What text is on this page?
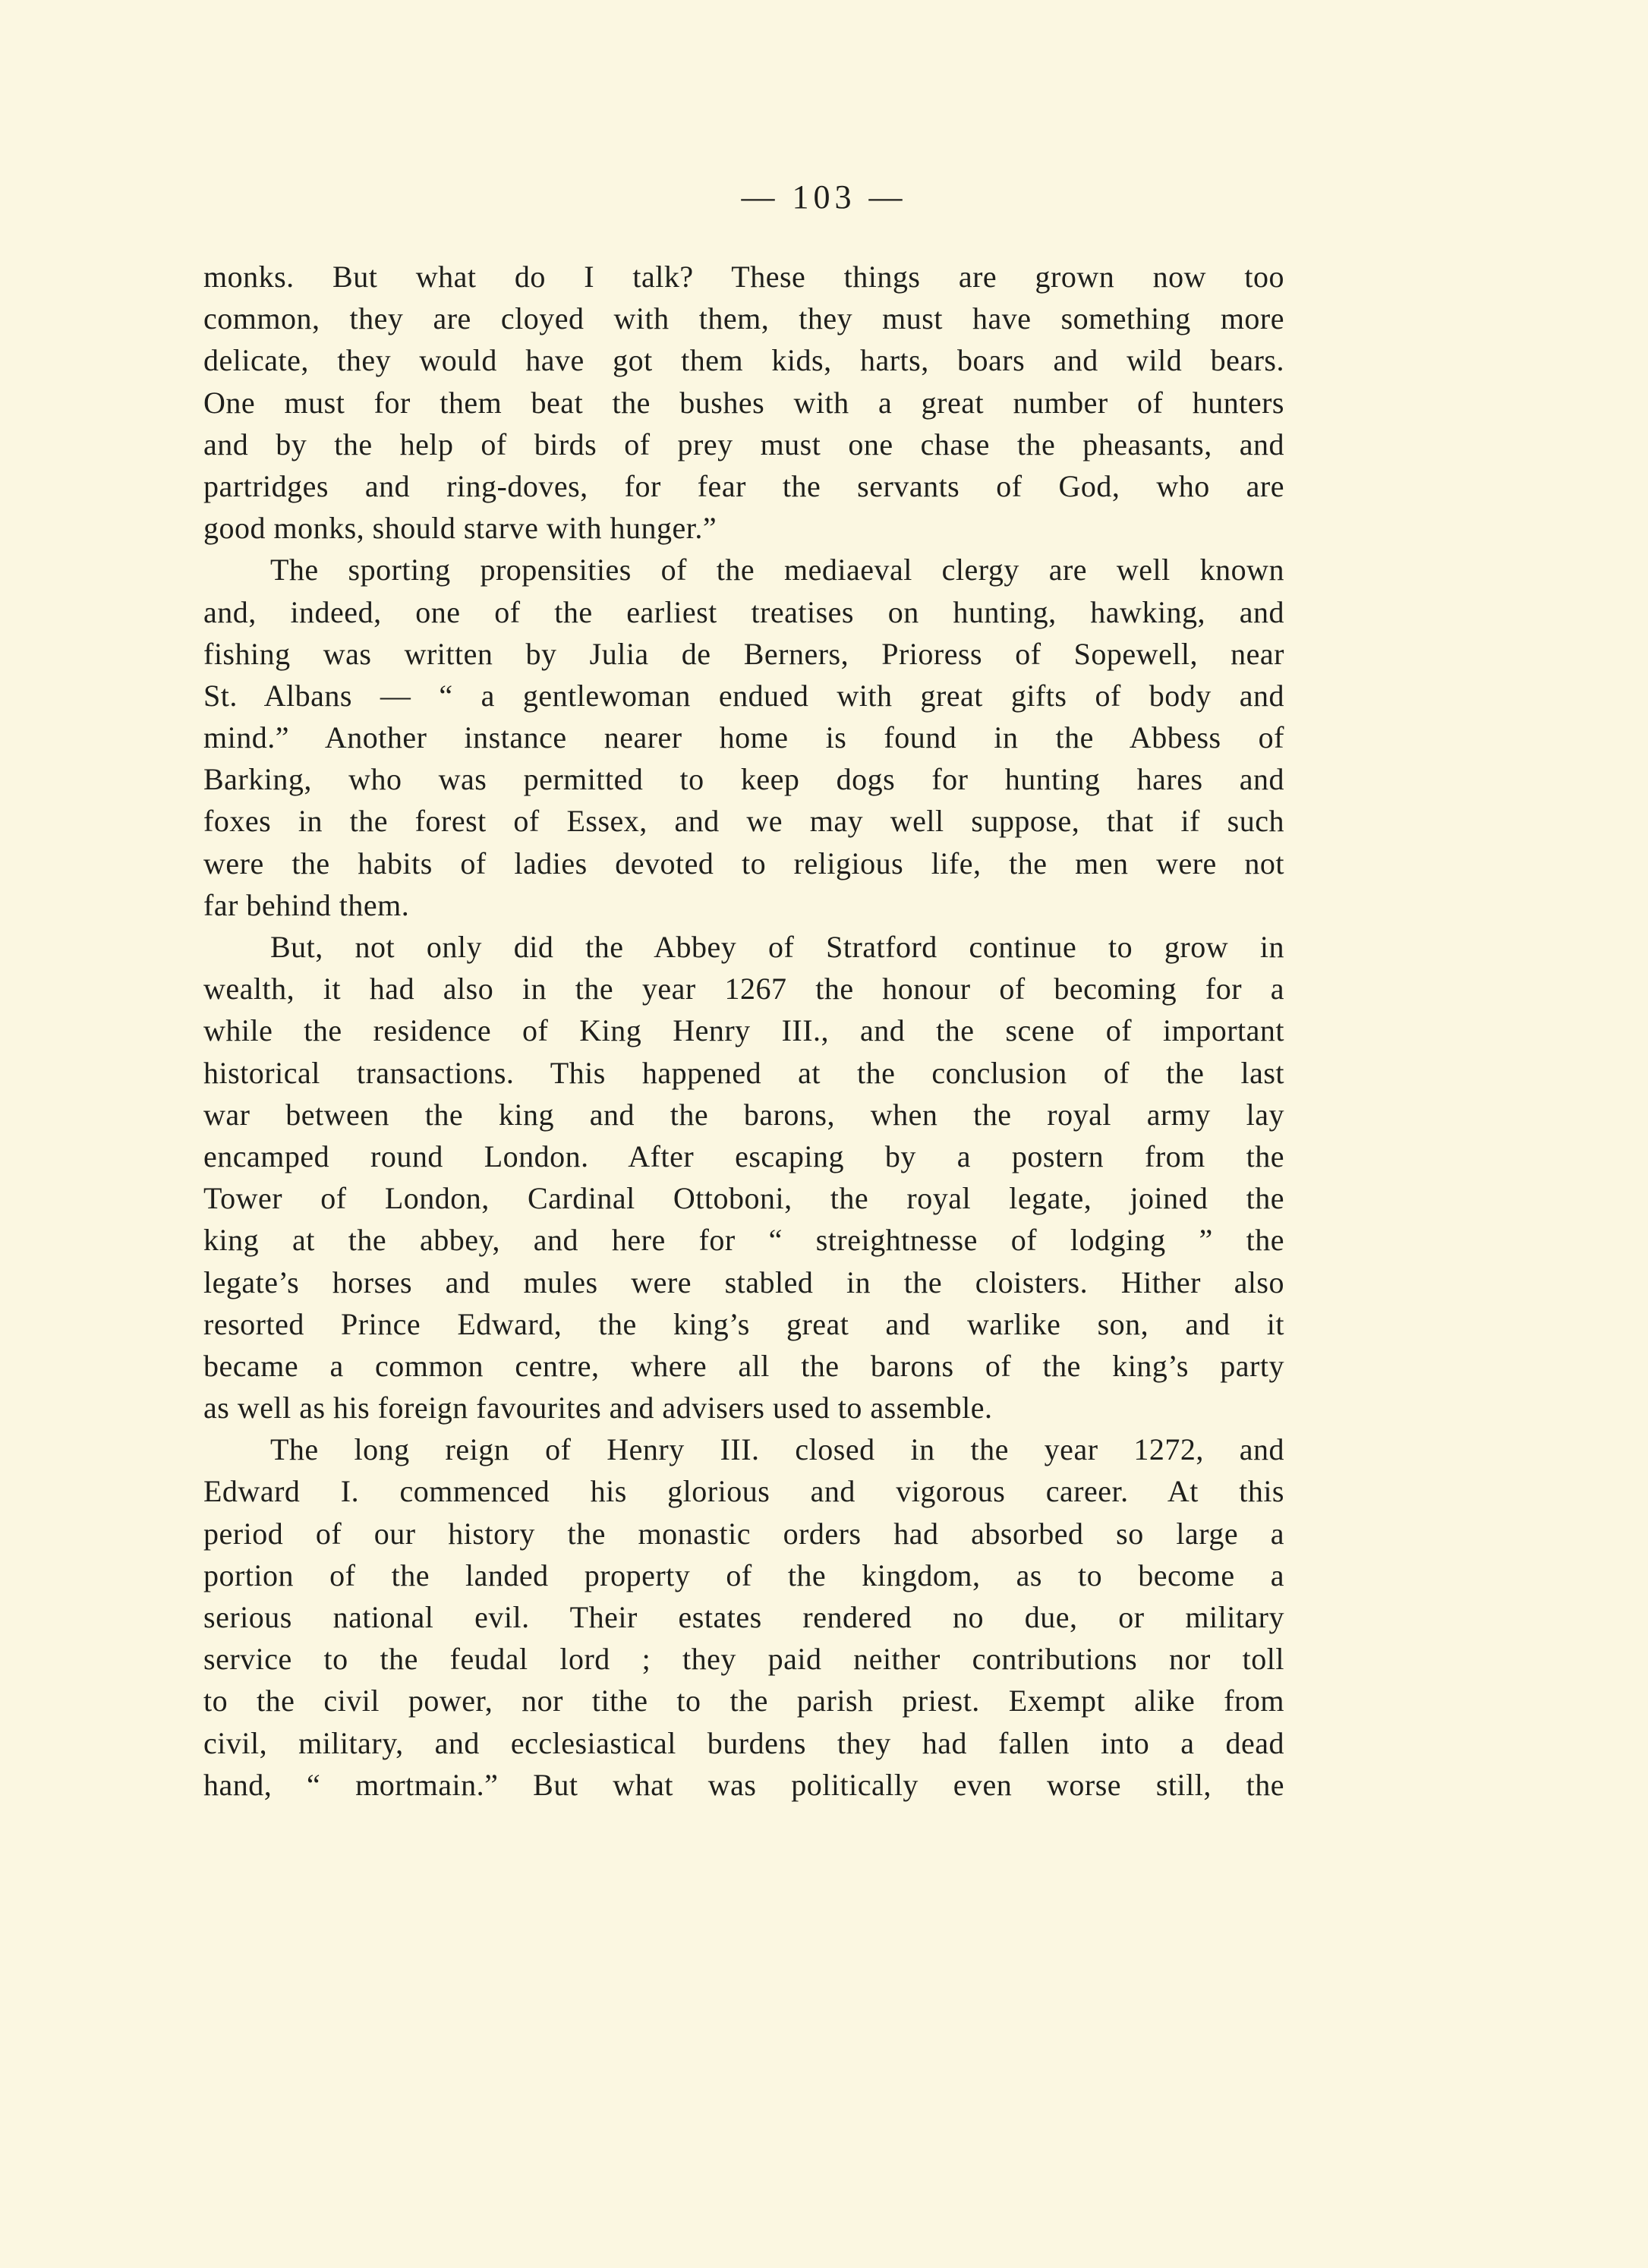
— 103 —
monks. But what do I talk? These things are grown now too
common, they are cloyed with them, they must have something more
delicate, they would have got them kids, harts, boars and wild bears.
One must for them beat the bushes with a great number of hunters
and by the help of birds of prey must one chase the pheasants, and
partridges and ring-doves, for fear the servants of God, who are
good monks, should starve with hunger.”
The sporting propensities of the mediaeval clergy are well known
and, indeed, one of the earliest treatises on hunting, hawking, and
fishing was written by Julia de Berners, Prioress of Sopewell, near
St. Albans — “ a gentlewoman endued with great gifts of body and
mind.” Another instance nearer home is found in the Abbess of
Barking, who was permitted to keep dogs for hunting hares and
foxes in the forest of Essex, and we may well suppose, that if such
were the habits of ladies devoted to religious life, the men were not
far behind them.
But, not only did the Abbey of Stratford continue to grow in
wealth, it had also in the year 1267 the honour of becoming for a
while the residence of King Henry III., and the scene of important
historical transactions. This happened at the conclusion of the last
war between the king and the barons, when the royal army lay
encamped round London. After escaping by a postern from the
Tower of London, Cardinal Ottoboni, the royal legate, joined the
king at the abbey, and here for “ streightnesse of lodging ” the
legate’s horses and mules were stabled in the cloisters. Hither also
resorted Prince Edward, the king’s great and warlike son, and it
became a common centre, where all the barons of the king’s party
as well as his foreign favourites and advisers used to assemble.
The long reign of Henry III. closed in the year 1272, and
Edward I. commenced his glorious and vigorous career. At this
period of our history the monastic orders had absorbed so large a
portion of the landed property of the kingdom, as to become a
serious national evil. Their estates rendered no due, or military
service to the feudal lord ; they paid neither contributions nor toll
to the civil power, nor tithe to the parish priest. Exempt alike from
civil, military, and ecclesiastical burdens they had fallen into a dead
hand, “ mortmain.” But what was politically even worse still, the
